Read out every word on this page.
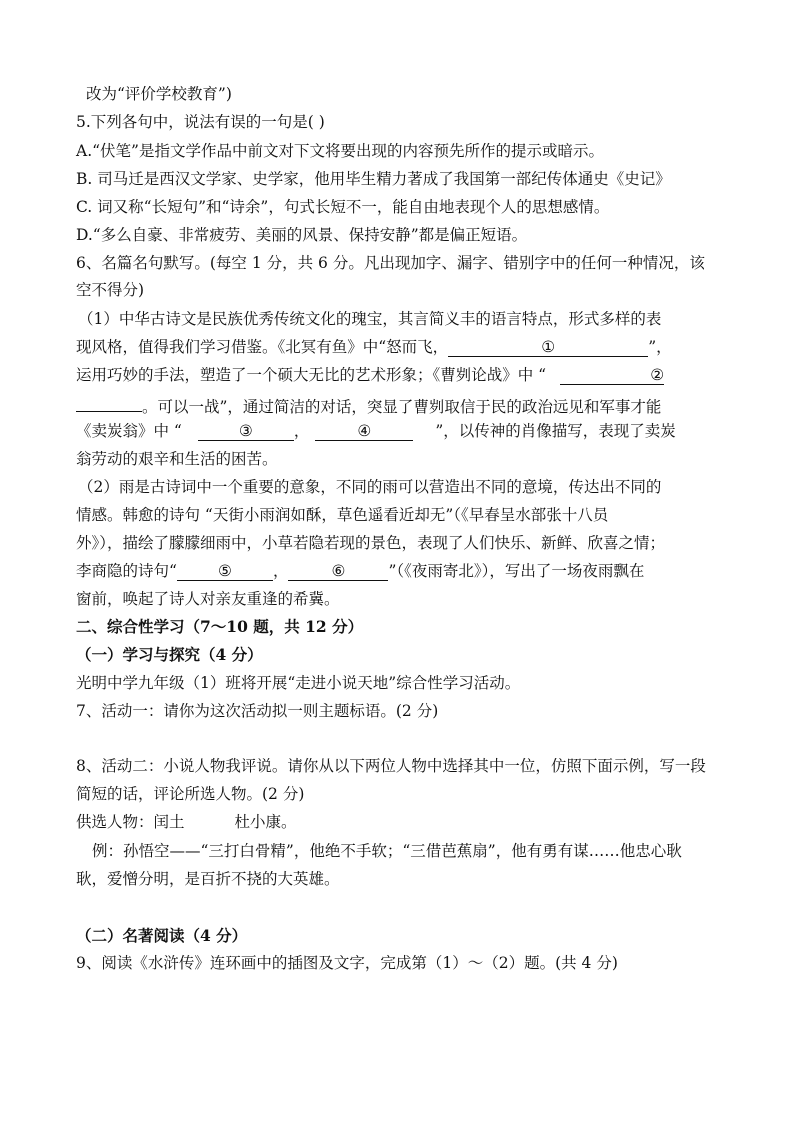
改为“评价学校教育”)
5.下列各句中，说法有误的一句是( )
A.“伏笔”是指文学作品中前文对下文将要出现的内容预先所作的提示或暗示。
B. 司马迁是西汉文学家、史学家，他用毕生精力著成了我国第一部纪传体通史《史记》
C. 词又称“长短句”和“诗余”，句式长短不一，能自由地表现个人的思想感情。
D.“多么自豪、非常疲劳、美丽的风景、保持安静”都是偏正短语。
6、名篇名句默写。(每空 1 分，共 6 分。凡出现加字、漏字、错别字中的任何一种情况，该
空不得分)
（1）中华古诗文是民族优秀传统文化的瑰宝，其言简义丰的语言特点，形式多样的表
现风格，值得我们学习借鉴。《北冥有鱼》中“怒而飞，	①	”，
运用巧妙的手法，塑造了一个硕大无比的艺术形象；《曹刿论战》中 “	②
。可以一战”，通过简洁的对话，突显了曹刿取信于民的政治远见和军事才能
《卖炭翁》中 “	③	，	④	”，以传神的肖像描写，表现了卖炭
翁劳动的艰辛和生活的困苦。
（2）雨是古诗词中一个重要的意象，不同的雨可以营造出不同的意境，传达出不同的
情感。韩愈的诗句 “天街小雨润如酥，草色遥看近却无”（《早春呈水部张十八员
外》），描绘了朦朦细雨中，小草若隐若现的景色，表现了人们快乐、新鲜、欣喜之情；
李商隐的诗句“	⑤	，	⑥	”（《夜雨寄北》），写出了一场夜雨飘在
窗前，唤起了诗人对亲友重逢的希冀。
二、综合性学习（7～10 题，共 12 分）
（一）学习与探究（4 分）
光明中学九年级（1）班将开展“走进小说天地”综合性学习活动。
7、活动一：请你为这次活动拟一则主题标语。(2 分)
8、活动二：小说人物我评说。请你从以下两位人物中选择其中一位，仿照下面示例，写一段
简短的话，评论所选人物。(2 分)
供选人物：闰土	杜小康。
例：孙悟空——“三打白骨精”，他绝不手软；“三借芭蕉扇”，他有勇有谋……他忠心耿
耿，爱憎分明，是百折不挠的大英雄。
（二）名著阅读（4 分）
9、阅读《水浒传》连环画中的插图及文字，完成第（1）～（2）题。(共 4 分)
